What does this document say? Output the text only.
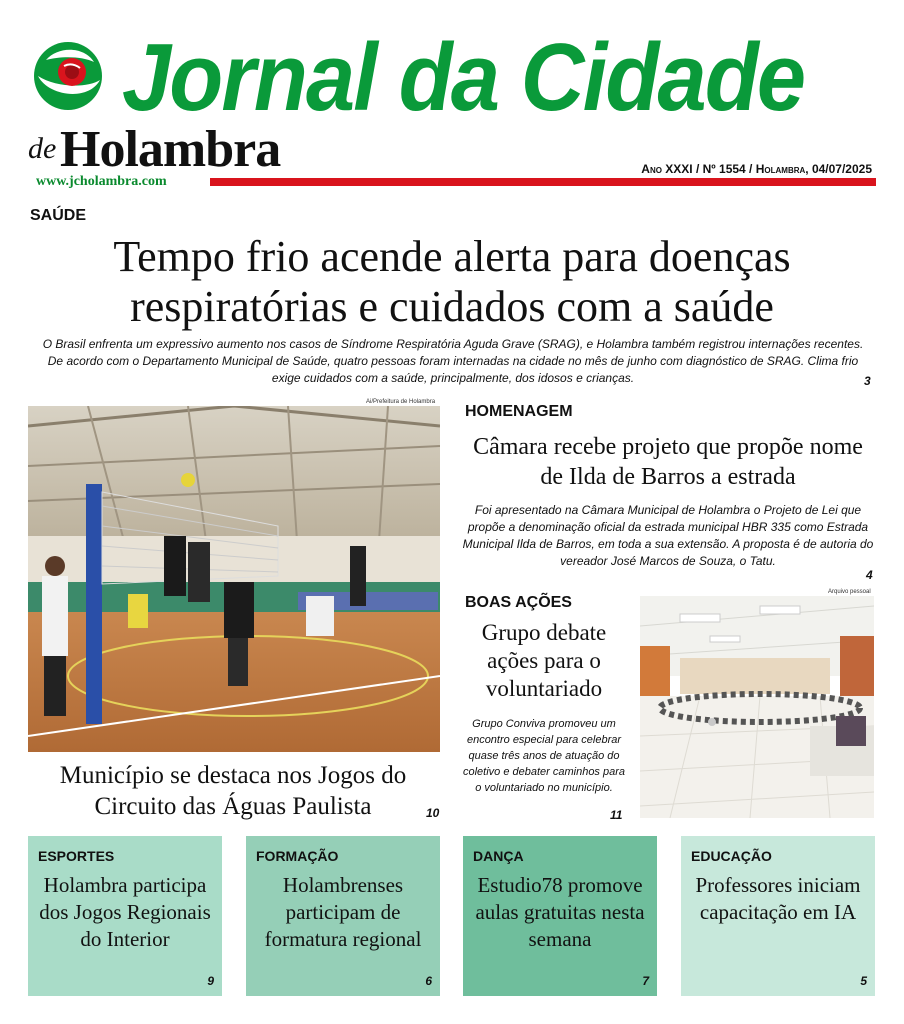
Jornal da Cidade
de Holambra
www.jcholambra.com
Ano XXXI / Nº 1554 / Holambra, 04/07/2025
SAÚDE
Tempo frio acende alerta para doenças respiratórias e cuidados com a saúde
O Brasil enfrenta um expressivo aumento nos casos de Síndrome Respiratória Aguda Grave (SRAG), e Holambra também registrou internações recentes. De acordo com o Departamento Municipal de Saúde, quatro pessoas foram internadas na cidade no mês de junho com diagnóstico de SRAG. Clima frio exige cuidados com a saúde, principalmente, dos idosos e crianças.	3
Ai/Prefeitura de Holambra
Município se destaca nos Jogos do Circuito das Águas Paulista	10
HOMENAGEM
Câmara recebe projeto que propõe nome de Ilda de Barros a estrada
Foi apresentado na Câmara Municipal de Holambra o Projeto de Lei que propõe a denominação oficial da estrada municipal HBR 335 como Estrada Municipal Ilda de Barros, em toda a sua extensão. A proposta é de autoria do vereador José Marcos de Souza, o Tatu.
4
BOAS AÇÕES
Grupo debate ações para o voluntariado
Grupo Conviva promoveu um encontro especial para celebrar quase três anos de atuação do coletivo e debater caminhos para o voluntariado no município.
11
Arquivo pessoal
ESPORTES
Holambra participa dos Jogos Regionais do Interior
9
FORMAÇÃO
Holambrenses participam de formatura regional
6
DANÇA
Estudio78 promove aulas gratuitas nesta semana
7
EDUCAÇÃO
Professores iniciam capacitação em IA
5
